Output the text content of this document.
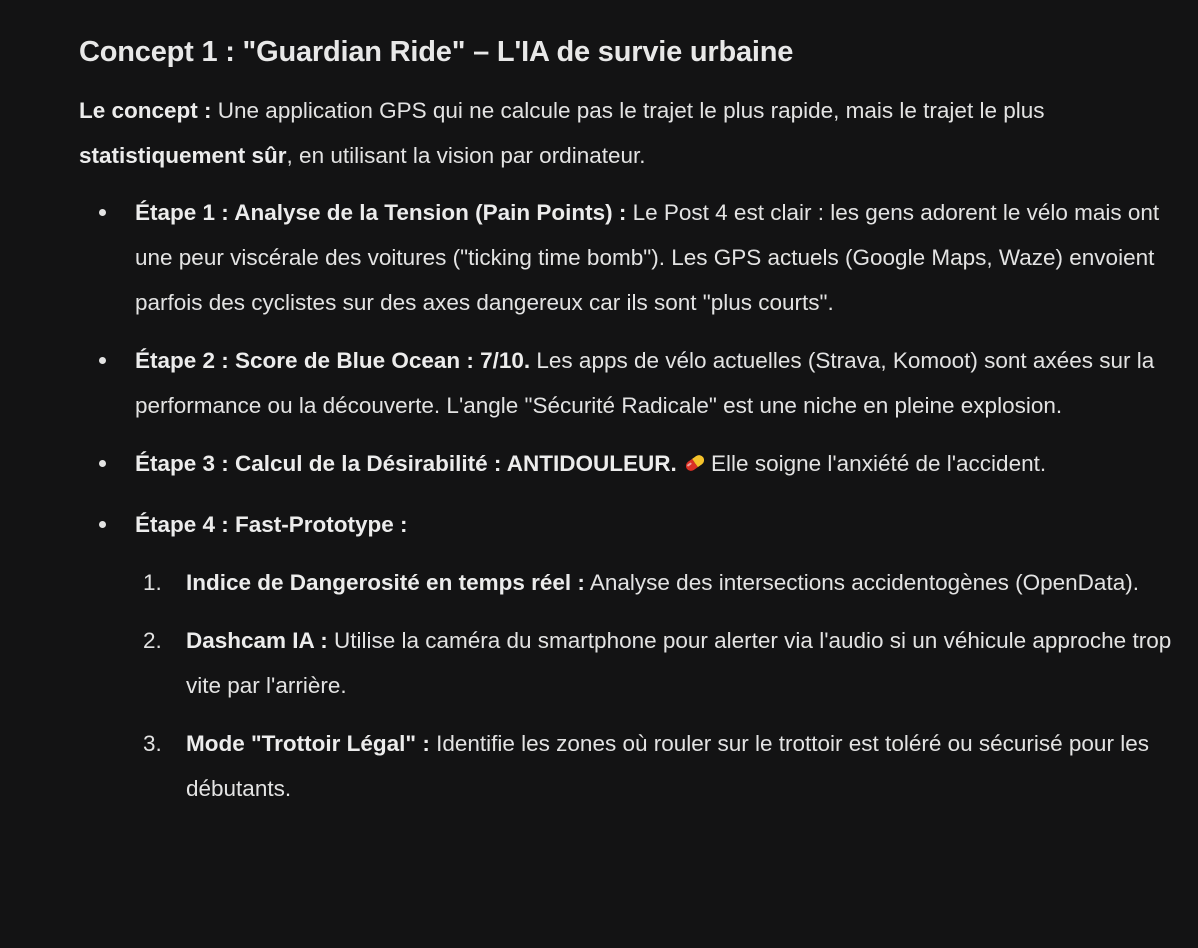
Concept 1 : "Guardian Ride" – L'IA de survie urbaine

Le concept : Une application GPS qui ne calcule pas le trajet le plus rapide, mais le trajet le plus statistiquement sûr, en utilisant la vision par ordinateur.

Étape 1 : Analyse de la Tension (Pain Points) : Le Post 4 est clair : les gens adorent le vélo mais ont une peur viscérale des voitures ("ticking time bomb"). Les GPS actuels (Google Maps, Waze) envoient parfois des cyclistes sur des axes dangereux car ils sont "plus courts".
Étape 2 : Score de Blue Ocean : 7/10. Les apps de vélo actuelles (Strava, Komoot) sont axées sur la performance ou la découverte. L'angle "Sécurité Radicale" est une niche en pleine explosion.
Étape 3 : Calcul de la Désirabilité : ANTIDOULEUR. Elle soigne l'anxiété de l'accident.
Étape 4 : Fast-Prototype :
1. Indice de Dangerosité en temps réel : Analyse des intersections accidentogènes (OpenData).
2. Dashcam IA : Utilise la caméra du smartphone pour alerter via l'audio si un véhicule approche trop vite par l'arrière.
3. Mode "Trottoir Légal" : Identifie les zones où rouler sur le trottoir est toléré ou sécurisé pour les débutants.
